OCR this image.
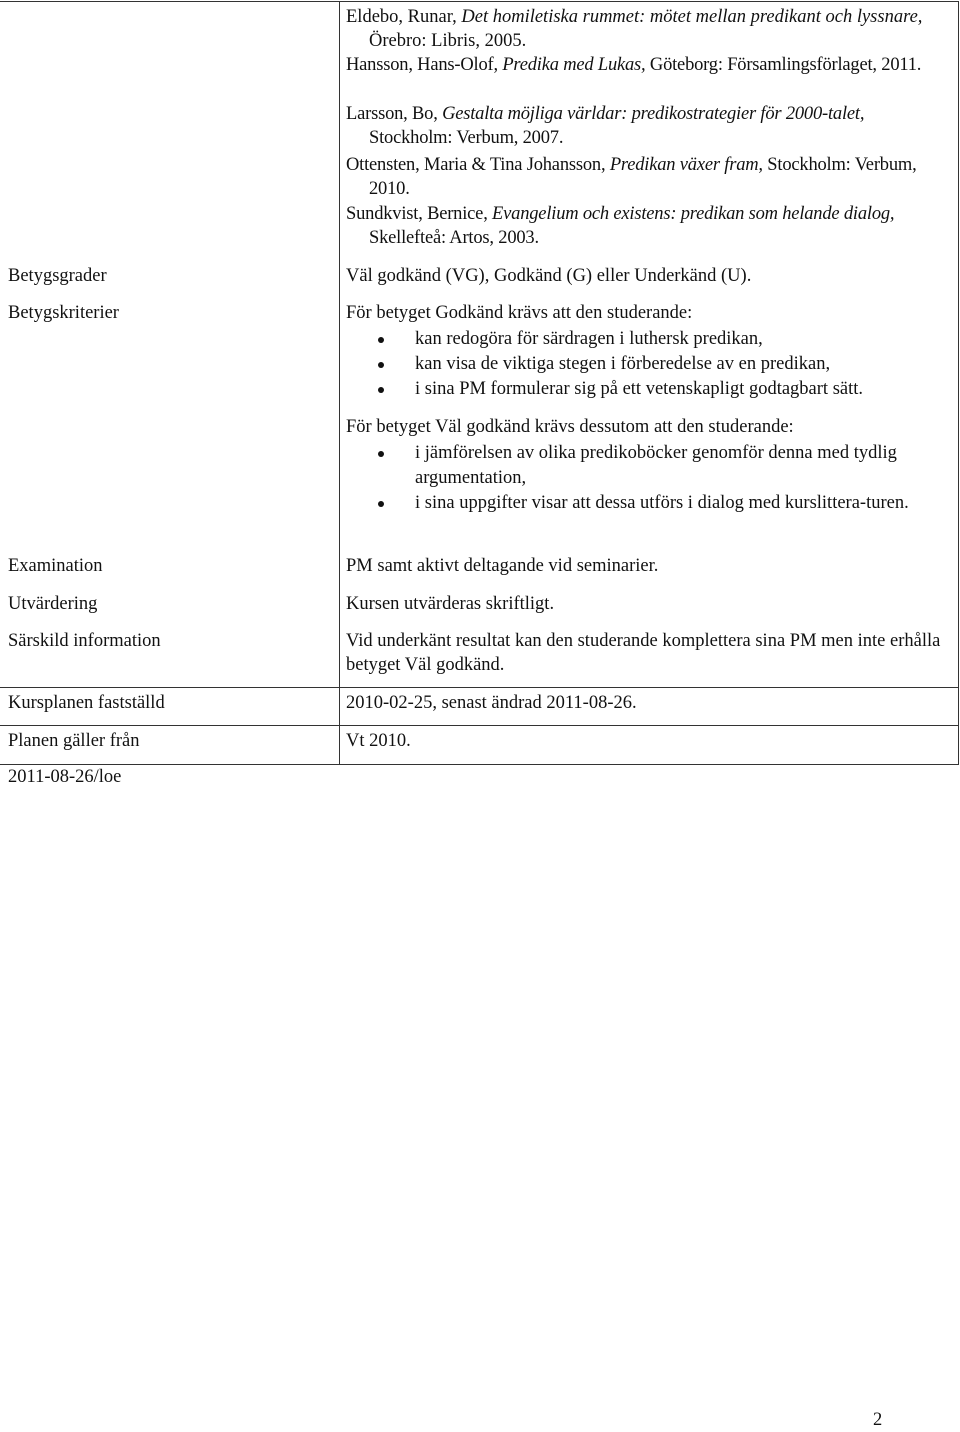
Eldebo, Runar, Det homiletiska rummet: mötet mellan predikant och lyssnare, Örebro: Libris, 2005.
Hansson, Hans-Olof, Predika med Lukas, Göteborg: Församlingsförlaget, 2011.
Larsson, Bo, Gestalta möjliga världar: predikostrategier för 2000-talet, Stockholm: Verbum, 2007.
Ottensten, Maria & Tina Johansson, Predikan växer fram, Stockholm: Verbum, 2010.
Sundkvist, Bernice, Evangelium och existens: predikan som helande dialog, Skellefteå: Artos, 2003.
Betygsgrader	Väl godkänd (VG), Godkänd (G) eller Underkänd (U).
Betygskriterier	För betyget Godkänd krävs att den studerande:
kan redogöra för särdragen i luthersk predikan,
kan visa de viktiga stegen i förberedelse av en predikan,
i sina PM formulerar sig på ett vetenskapligt godtagbart sätt.
För betyget Väl godkänd krävs dessutom att den studerande:
i jämförelsen av olika predikoböcker genomför denna med tydlig argumentation,
i sina uppgifter visar att dessa utförs i dialog med kurslittera-turen.
Examination	PM samt aktivt deltagande vid seminarier.
Utvärdering	Kursen utvärderas skriftligt.
Särskild information	Vid underkänt resultat kan den studerande komplettera sina PM men inte erhålla betyget Väl godkänd.
Kursplanen fastställd	2010-02-25, senast ändrad 2011-08-26.
Planen gäller från	Vt 2010.
2011-08-26/loe
2
